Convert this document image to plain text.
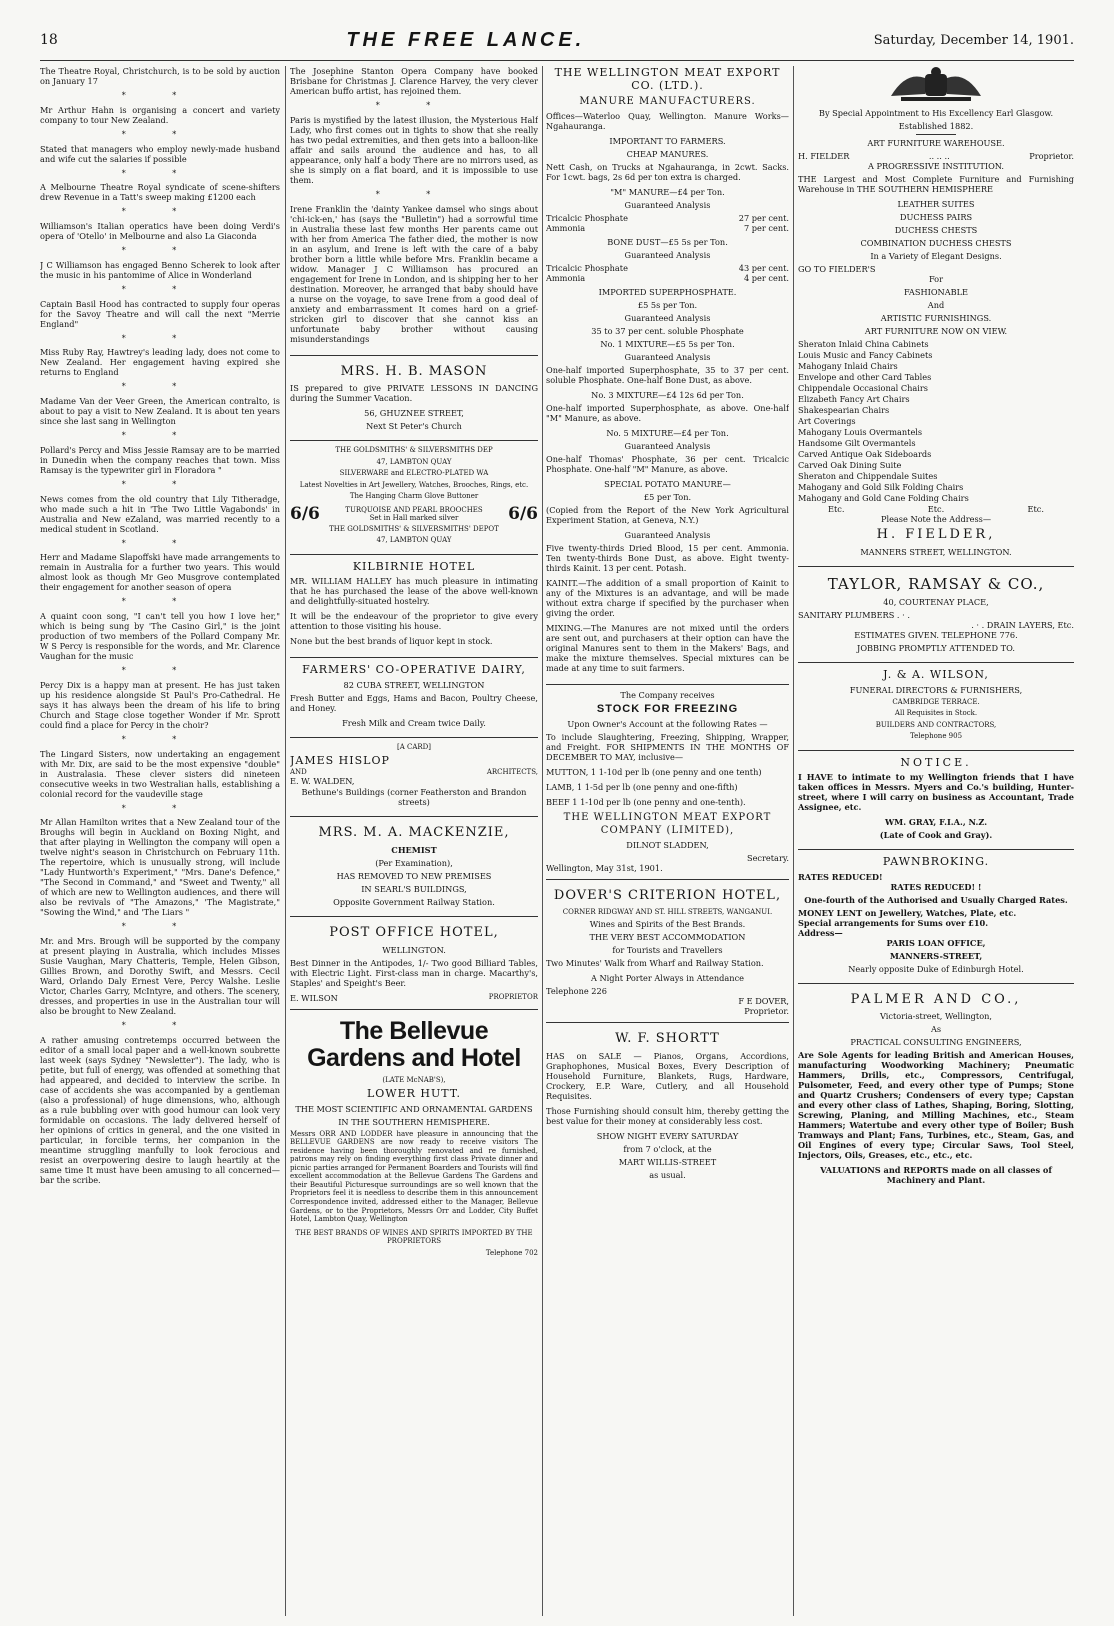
18	THE FREE LANCE.	Saturday, December 14, 1901.

The Theatre Royal, Christchurch, is to be sold by auction on January 17

* *

Mr Arthur Hahn is organising a concert and variety company to tour New Zealand.

* *

Stated that managers who employ newly-made husband and wife cut the salaries if possible

* *

A Melbourne Theatre Royal syndicate of scene-shifters drew Revenue in a Tatt's sweep making £1200 each

* *

Williamson's Italian operatics have been doing Verdi's opera of 'Otello' in Melbourne and also La Giaconda

* *

J C Williamson has engaged Benno Scherek to look after the music in his pantomime of Alice in Wonderland

* *

Captain Basil Hood has contracted to supply four operas for the Savoy Theatre and will call the next "Merrie England"

* *

Miss Ruby Ray, Hawtrey's leading lady, does not come to New Zealand. Her engagement having expired she returns to England

* *

Madame Van der Veer Green, the American contralto, is about to pay a visit to New Zealand. It is about ten years since she last sang in Wellington

* *

Pollard's Percy and Miss Jessie Ramsay are to be married in Dunedin when the company reaches that town. Miss Ramsay is the typewriter girl in Floradora "

* *

News comes from the old country that Lily Titheradge, who made such a hit in 'The Two Little Vagabonds' in Australia and New eZaland, was married recently to a medical student in Scotland.

* *

Herr and Madame Slapoffski have made arrangements to remain in Australia for a further two years. This would almost look as though Mr Geo Musgrove contemplated their engagement for another season of opera

* *

A quaint coon song, "I can't tell you how I love her," which is being sung by 'The Casino Girl," is the joint production of two members of the Pollard Company Mr. W S Percy is responsible for the words, and Mr. Clarence Vaughan for the music

* *

Percy Dix is a happy man at present. He has just taken up his residence alongside St Paul's Pro-Cathedral. He says it has always been the dream of his life to bring Church and Stage close together Wonder if Mr. Sprott could find a place for Percy in the choir?

* *

The Lingard Sisters, now undertaking an engagement with Mr. Dix, are said to be the most expensive "double" in Australasia. These clever sisters did nineteen consecutive weeks in two Westralian halls, establishing a colonial record for the vaudeville stage

* *

Mr Allan Hamilton writes that a New Zealand tour of the Broughs will begin in Auckland on Boxing Night, and that after playing in Wellington the company will open a twelve night's season in Christchurch on February 11th. The repertoire, which is unusually strong, will include "Lady Huntworth's Experiment," "Mrs. Dane's Defence," "The Second in Command," and "Sweet and Twenty," all of which are new to Wellington audiences, and there will also be revivals of "The Amazons," 'The Magistrate," "Sowing the Wind," and 'The Liars "

* *

Mr. and Mrs. Brough will be supported by the company at present playing in Australia, which includes Misses Susie Vaughan, Mary Chatteris, Temple, Helen Gibson, Gillies Brown, and Dorothy Swift, and Messrs. Cecil Ward, Orlando Daly Ernest Vere, Percy Walshe. Leslie Victor, Charles Garry, McIntyre, and others. The scenery, dresses, and properties in use in the Australian tour will also be brought to New Zealand.

* *

A rather amusing contretemps occurred between the editor of a small local paper and a well-known soubrette last week (says Sydney "Newsletter"). The lady, who is petite, but full of energy, was offended at something that had appeared, and decided to interview the scribe. In case of accidents she was accompanied by a gentleman (also a professional) of huge dimensions, who, although as a rule bubbling over with good humour can look very formidable on occasions. The lady delivered herself of her opinions of critics in general, and the one visited in particular, in forcible terms, her companion in the meantime struggling manfully to look ferocious and resist an overpowering desire to laugh heartily at the same time It must have been amusing to all concerned—bar the scribe.

The Josephine Stanton Opera Company have booked Brisbane for Christmas J. Clarence Harvey, the very clever American buffo artist, has rejoined them.

* *

Paris is mystified by the latest illusion, the Mysterious Half Lady, who first comes out in tights to show that she really has two pedal extremities, and then gets into a balloon-like affair and sails around the audience and has, to all appearance, only half a body There are no mirrors used, as she is simply on a flat board, and it is impossible to use them.

* *

Irene Franklin the 'dainty Yankee damsel who sings about 'chi-ick-en,' has (says the "Bulletin") had a sorrowful time in Australia these last few months Her parents came out with her from America The father died, the mother is now in an asylum, and Irene is left with the care of a baby brother born a little while before Mrs. Franklin became a widow. Manager J C Williamson has procured an engagement for Irene in London, and is shipping her to her destination. Moreover, he arranged that baby should have a nurse on the voyage, to save Irene from a good deal of anxiety and embarrassment It comes hard on a grief-stricken girl to discover that she cannot kiss an unfortunate baby brother without causing misunderstandings

MRS. H. B. MASON

IS prepared to give PRIVATE LESSONS IN DANCING during the Summer Vacation.

56, GHUZNEE STREET,
Next St Peter's Church
THE GOLDSMITHS' & SILVERSMITHS DEP
47, LAMBTON QUAY
SILVERWARE and ELECTRO-PLATED WA
Latest Novelties in Art Jewellery, Watches, Brooches, Rings, etc.
The Hanging Charm Glove Buttoner
6/6	TURQUOISE AND PEARL BROOCHES
Set in Hall marked silver	6/6
THE GOLDSMITHS' & SILVERSMITHS' DEPOT
47, LAMBTON QUAY
KILBIRNIE HOTEL

MR. WILLIAM HALLEY has much pleasure in intimating that he has purchased the lease of the above well-known and delightfully-situated hostelry.

It will be the endeavour of the proprietor to give every attention to those visiting his house.

None but the best brands of liquor kept in stock.

FARMERS' CO-OPERATIVE DAIRY,
82 CUBA STREET, WELLINGTON

Fresh Butter and Eggs, Hams and Bacon, Poultry Cheese, and Honey.

Fresh Milk and Cream twice Daily.
[A CARD]
JAMES HISLOP
AND	ARCHITECTS,
E. W. WALDEN,
Bethune's Buildings (corner Featherston and Brandon streets)
MRS. M. A. MACKENZIE,
CHEMIST
(Per Examination),
HAS REMOVED TO NEW PREMISES
IN SEARL'S BUILDINGS,
Opposite Government Railway Station.
POST OFFICE HOTEL,
WELLINGTON.

Best Dinner in the Antipodes, 1/- Two good Billiard Tables, with Electric Light. First-class man in charge. Macarthy's, Staples' and Speight's Beer.

E. WILSON	PROPRIETOR
The Bellevue Gardens and Hotel
(LATE McNAB'S),
LOWER HUTT.
THE MOST SCIENTIFIC AND ORNAMENTAL GARDENS
IN THE SOUTHERN HEMISPHERE.

Messrs ORR AND LODDER have pleasure in announcing that the BELLEVUE GARDENS are now ready to receive visitors The residence having been thoroughly renovated and re furnished, patrons may rely on finding everything first class Private dinner and picnic parties arranged for Permanent Boarders and Tourists will find excellent accommodation at the Bellevue Gardens The Gardens and their Beautiful Picturesque surroundings are so well known that the Proprietors feel it is needless to describe them in this announcement Correspondence invited, addressed either to the Manager, Bellevue Gardens, or to the Proprietors, Messrs Orr and Lodder, City Buffet Hotel, Lambton Quay, Wellington

THE BEST BRANDS OF WINES AND SPIRITS IMPORTED BY THE PROPRIETORS
Telephone 702
THE WELLINGTON MEAT EXPORT CO. (LTD.).
MANURE MANUFACTURERS.

Offices—Waterloo Quay, Wellington. Manure Works—Ngahauranga.

IMPORTANT TO FARMERS.
CHEAP MANURES.

Nett Cash, on Trucks at Ngahauranga, in 2cwt. Sacks. For 1cwt. bags, 2s 6d per ton extra is charged.

"M" MANURE—£4 per Ton.
Guaranteed Analysis
Tricalcic Phosphate	27 per cent.
Ammonia	7 per cent.
BONE DUST—£5 5s per Ton.
Guaranteed Analysis
Tricalcic Phosphate	43 per cent.
Ammonia	4 per cent.
IMPORTED SUPERPHOSPHATE.
£5 5s per Ton.
Guaranteed Analysis
35 to 37 per cent. soluble Phosphate
No. 1 MIXTURE—£5 5s per Ton.
Guaranteed Analysis

One-half imported Superphosphate, 35 to 37 per cent. soluble Phosphate. One-half Bone Dust, as above.

No. 3 MIXTURE—£4 12s 6d per Ton.

One-half imported Superphosphate, as above. One-half "M" Manure, as above.

No. 5 MIXTURE—£4 per Ton.
Guaranteed Analysis

One-half Thomas' Phosphate, 36 per cent. Tricalcic Phosphate. One-half "M" Manure, as above.

SPECIAL POTATO MANURE—
£5 per Ton.

(Copied from the Report of the New York Agricultural Experiment Station, at Geneva, N.Y.)

Guaranteed Analysis

Five twenty-thirds Dried Blood, 15 per cent. Ammonia. Ten twenty-thirds Bone Dust, as above. Eight twenty-thirds Kainit. 13 per cent. Potash.

KAINIT.—The addition of a small proportion of Kainit to any of the Mixtures is an advantage, and will be made without extra charge if specified by the purchaser when giving the order.

MIXING.—The Manures are not mixed until the orders are sent out, and purchasers at their option can have the original Manures sent to them in the Makers' Bags, and make the mixture themselves. Special mixtures can be made at any time to suit farmers.

The Company receives
STOCK FOR FREEZING
Upon Owner's Account at the following Rates —

To include Slaughtering, Freezing, Shipping, Wrapper, and Freight. FOR SHIPMENTS IN THE MONTHS OF DECEMBER TO MAY, inclusive—

MUTTON, 1 1-10d per lb (one penny and one tenth)

LAMB, 1 1-5d per lb (one penny and one-fifth)

BEEF 1 1-10d per lb (one penny and one-tenth).

THE WELLINGTON MEAT EXPORT COMPANY (LIMITED),
DILNOT SLADDEN,
Secretary.
Wellington, May 31st, 1901.
DOVER'S CRITERION HOTEL,
CORNER RIDGWAY AND ST. HILL STREETS, WANGANUI.
Wines and Spirits of the Best Brands.
THE VERY BEST ACCOMMODATION
for Tourists and Travellers

Two Minutes' Walk from Wharf and Railway Station.

A Night Porter Always in Attendance
Telephone 226
F E DOVER,
Proprietor.
W. F. SHORTT

HAS on SALE — Pianos, Organs, Accordions, Graphophones, Musical Boxes, Every Description of Household Furniture, Blankets, Rugs, Hardware, Crockery, E.P. Ware, Cutlery, and all Household Requisites.

Those Furnishing should consult him, thereby getting the best value for their money at considerably less cost.

SHOW NIGHT EVERY SATURDAY
from 7 o'clock, at the
MART WILLIS-STREET
as usual.
By Special Appointment to His Excellency Earl Glasgow.
Established 1882.
ART FURNITURE WAREHOUSE.
H. FIELDER	.. .. ..	Proprietor.
A PROGRESSIVE INSTITUTION.

THE Largest and Most Complete Furniture and Furnishing Warehouse in THE SOUTHERN HEMISPHERE

LEATHER SUITES
DUCHESS PAIRS
DUCHESS CHESTS
COMBINATION DUCHESS CHESTS
In a Variety of Elegant Designs.
GO TO FIELDER'S
For
FASHIONABLE
And
ARTISTIC FURNISHINGS.
ART FURNITURE NOW ON VIEW.
Sheraton Inlaid China Cabinets
Louis Music and Fancy Cabinets
Mahogany Inlaid Chairs
Envelope and other Card Tables
Chippendale Occasional Chairs
Elizabeth Fancy Art Chairs
Shakespearian Chairs
Art Coverings
Mahogany Louis Overmantels
Handsome Gilt Overmantels
Carved Antique Oak Sideboards
Carved Oak Dining Suite
Sheraton and Chippendale Suites
Mahogany and Gold Silk Folding Chairs
Mahogany and Gold Cane Folding Chairs
Etc.	Etc.	Etc.
Please Note the Address—
H. FIELDER,
MANNERS STREET, WELLINGTON.
TAYLOR, RAMSAY & CO.,
40, COURTENAY PLACE,
SANITARY PLUMBERS . · .
. · . DRAIN LAYERS, Etc.
ESTIMATES GIVEN. TELEPHONE 776.
JOBBING PROMPTLY ATTENDED TO.
J. & A. WILSON,
FUNERAL DIRECTORS & FURNISHERS,
CAMBRIDGE TERRACE.
All Requisites in Stock.
BUILDERS AND CONTRACTORS,
Telephone 905
NOTICE.

I HAVE to intimate to my Wellington friends that I have taken offices in Messrs. Myers and Co.'s building, Hunter-street, where I will carry on business as Accountant, Trade Assignee, etc.

WM. GRAY, F.I.A., N.Z.
(Late of Cook and Gray).
PAWNBROKING.
RATES REDUCED!
RATES REDUCED! !
One-fourth of the Authorised and Usually Charged Rates.
MONEY LENT on Jewellery, Watches, Plate, etc.
Special arrangements for Sums over £10.
Address—
PARIS LOAN OFFICE,
MANNERS-STREET,
Nearly opposite Duke of Edinburgh Hotel.
PALMER AND CO.,
Victoria-street, Wellington,
As
PRACTICAL CONSULTING ENGINEERS,

Are Sole Agents for leading British and American Houses, manufacturing Woodworking Machinery; Pneumatic Hammers, Drills, etc., Compressors, Centrifugal, Pulsometer, Feed, and every other type of Pumps; Stone and Quartz Crushers; Condensers of every type; Capstan and every other class of Lathes, Shaping, Boring, Slotting, Screwing, Planing, and Milling Machines, etc., Steam Hammers; Watertube and every other type of Boiler; Bush Tramways and Plant; Fans, Turbines, etc., Steam, Gas, and Oil Engines of every type; Circular Saws, Tool Steel, Injectors, Oils, Greases, etc., etc., etc.

VALUATIONS and REPORTS made on all classes of Machinery and Plant.
